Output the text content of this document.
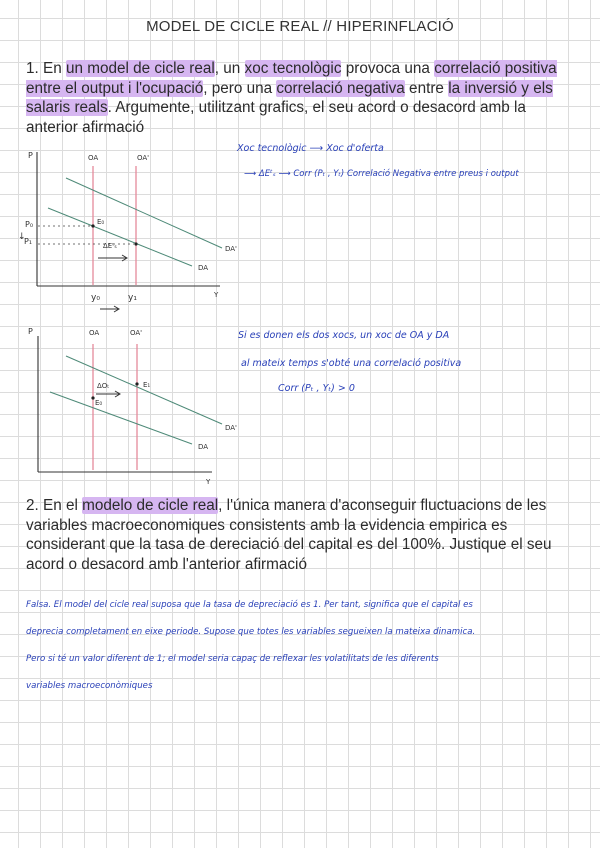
MODEL DE CICLE REAL // HIPERINFLACIÓ
1. En un model de cicle real, un xoc tecnològic provoca una correlació positiva entre el output i l'ocupació, pero una correlació negativa entre la inversió y els salaris reals. Argumente, utilitzant grafics, el seu acord o desacord amb la anterior afirmació
P
Y
OA	OA'
P₀
P₁
↓
E₀
ΔEᵗₛ
DA
DA'
y₀	y₁
Xoc tecnològic ⟶ Xoc d'oferta
⟶ ΔEᵗₛ ⟶ Corr (Pₜ , Yₜ) Correlació Negativa entre preus i output
P
Y
OA	OA'
ΔOₜ	E₁
E₀
DA
DA'
Si es donen els dos xocs, un xoc de OA y DA
al mateix temps s'obté una correlació positiva
Corr (Pₜ , Yₜ) > 0
2. En el modelo de cicle real, l'única manera d'aconseguir fluctuacions de les variables macroeconomiques consistents amb la evidencia empirica es considerant que la tasa de dereciació del capital es del 100%. Justique el seu acord o desacord amb l'anterior afirmació
Falsa. El model del cicle real suposa que la tasa de depreciació es 1. Per tant, significa que el capital es
deprecia completament en eixe periode. Supose que totes les variables segueixen la mateixa dinamica.
Pero si té un valor diferent de 1; el model seria capaç de reflexar les volatilitats de les diferents
variables macroeconòmiques
